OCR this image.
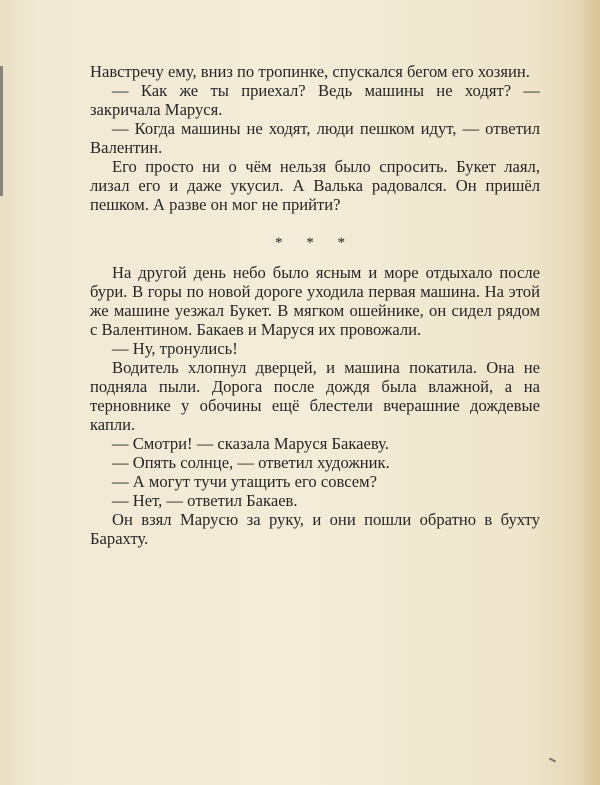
Навстречу ему, вниз по тропинке, спускался бегом его хозяин.

— Как же ты приехал? Ведь машины не ходят? — закричала Маруся.

— Когда машины не ходят, люди пешком идут, — ответил Валентин.

Его просто ни о чём нельзя было спросить. Букет лаял, лизал его и даже укусил. А Валька радовался. Он пришёл пешком. А разве он мог не прийти?

* * *

На другой день небо было ясным и море отдыхало после бури. В горы по новой дороге уходила первая машина. На этой же машине уезжал Букет. В мягком ошейнике, он сидел рядом с Валентином. Бакаев и Маруся их провожали.

— Ну, тронулись!

Водитель хлопнул дверцей, и машина покатила. Она не подняла пыли. Дорога после дождя была влажной, а на терновнике у обочины ещё блестели вчерашние дождевые капли.

— Смотри! — сказала Маруся Бакаеву.

— Опять солнце, — ответил художник.

— А могут тучи утащить его совсем?

— Нет, — ответил Бакаев.

Он взял Марусю за руку, и они пошли обратно в бухту Барахту.
